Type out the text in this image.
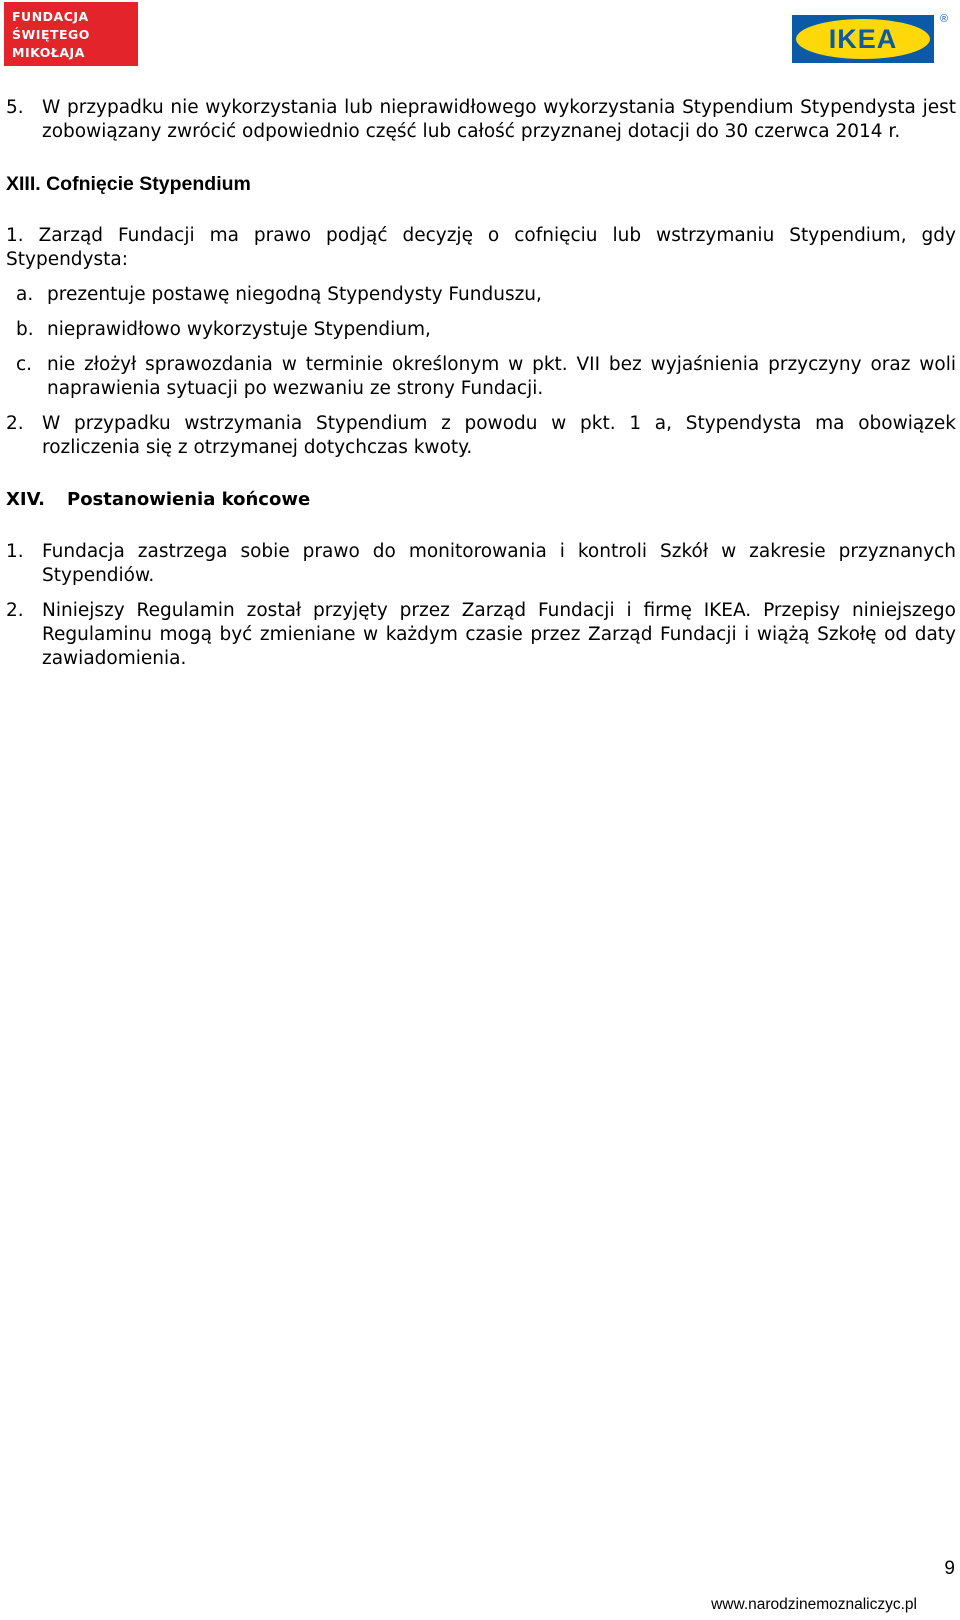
FUNDACJA
ŚWIĘTEGO
MIKOŁAJA	IKEA
®
5. W przypadku nie wykorzystania lub nieprawidłowego wykorzystania Stypendium Stypendysta jest zobowiązany zwrócić odpowiednio część lub całość przyznanej dotacji do 30 czerwca 2014 r.
XIII. Cofnięcie Stypendium
1. Zarząd Fundacji ma prawo podjąć decyzję o cofnięciu lub wstrzymaniu Stypendium, gdy Stypendysta:
a. prezentuje postawę niegodną Stypendysty Funduszu,
b. nieprawidłowo wykorzystuje Stypendium,
c. nie złożył sprawozdania w terminie określonym w pkt. VII bez wyjaśnienia przyczyny oraz woli naprawienia sytuacji po wezwaniu ze strony Fundacji.
2. W przypadku wstrzymania Stypendium z powodu w pkt. 1 a, Stypendysta ma obowiązek rozliczenia się z otrzymanej dotychczas kwoty.
XIV.	Postanowienia końcowe
1. Fundacja zastrzega sobie prawo do monitorowania i kontroli Szkół w zakresie przyznanych Stypendiów.
2. Niniejszy Regulamin został przyjęty przez Zarząd Fundacji i firmę IKEA. Przepisy niniejszego Regulaminu mogą być zmieniane w każdym czasie przez Zarząd Fundacji i wiążą Szkołę od daty zawiadomienia.
9
www.narodzinemoznaliczyc.pl
